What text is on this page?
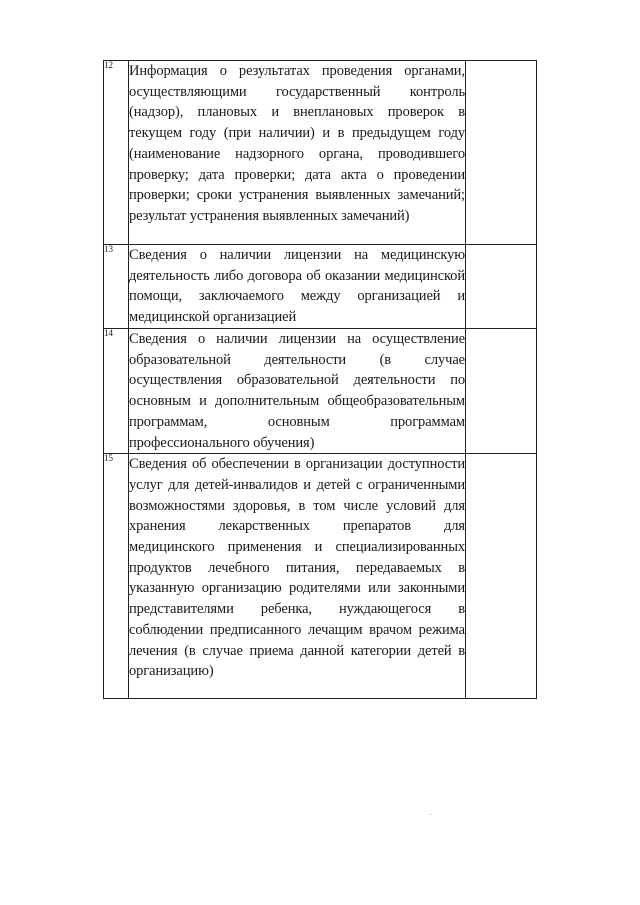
12	Информация о результатах проведения органами, осуществляющими государственный контроль (надзор), плановых и внеплановых проверок в текущем году (при наличии) и в предыдущем году (наименование надзорного органа, проводившего проверку; дата проверки; дата акта о проведении проверки; сроки устранения выявленных замечаний; результат устранения выявленных замечаний)	
13	Сведения о наличии лицензии на медицинскую деятельность либо договора об оказании медицинской помощи, заключаемого между организацией и медицинской организацией	
14	Сведения о наличии лицензии на осуществление образовательной деятельности (в случае осуществления образовательной деятельности по основным и дополнительным общеобразовательным программам, основным программам профессионального обучения)	
15	Сведения об обеспечении в организации доступности услуг для детей-инвалидов и детей с ограниченными возможностями здоровья, в том числе условий для хранения лекарственных препаратов для медицинского применения и специализированных продуктов лечебного питания, передаваемых в указанную организацию родителями или законными представителями ребенка, нуждающегося в соблюдении предписанного лечащим врачом режима лечения (в случае приема данной категории детей в организацию)	
